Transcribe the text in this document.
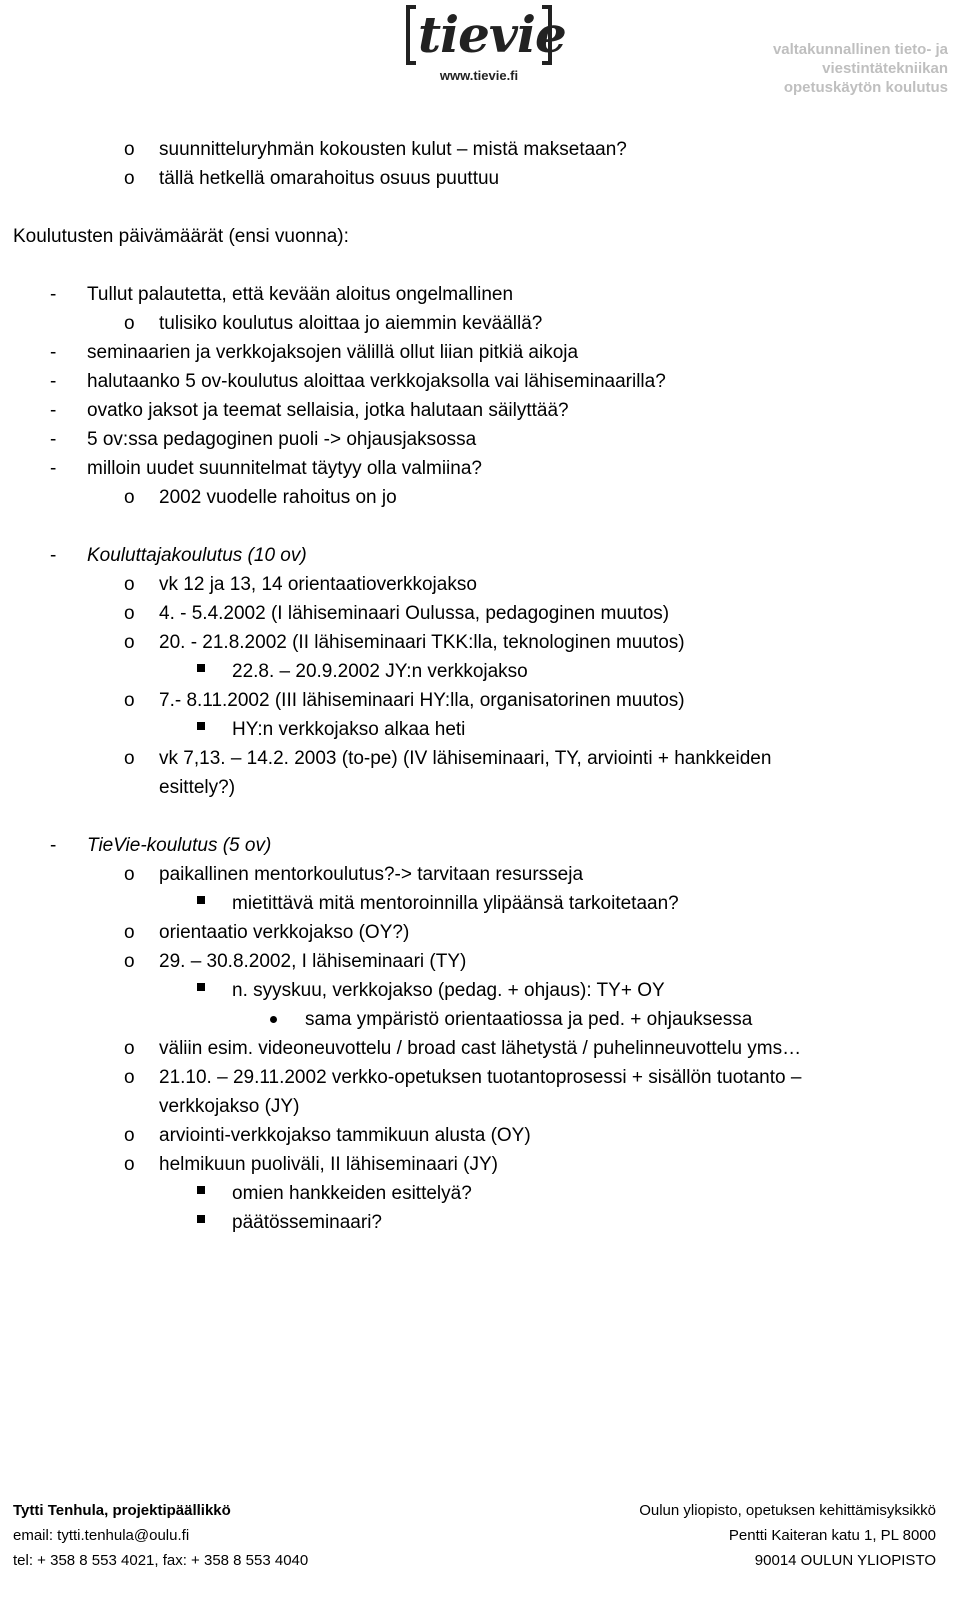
tievie
www.tievie.fi
valtakunnallinen tieto- ja
viestintätekniikan
opetuskäytön koulutus
o suunnitteluryhmän kokousten kulut – mistä maksetaan?
o tällä hetkellä omarahoitus osuus puuttuu
Koulutusten päivämäärät (ensi vuonna):
- Tullut palautetta, että kevään aloitus ongelmallinen
o tulisiko koulutus aloittaa jo aiemmin keväällä?
- seminaarien ja verkkojaksojen välillä ollut liian pitkiä aikoja
- halutaanko 5 ov-koulutus aloittaa verkkojaksolla vai lähiseminaarilla?
- ovatko jaksot ja teemat sellaisia, jotka halutaan säilyttää?
- 5 ov:ssa pedagoginen puoli -> ohjausjaksossa
- milloin uudet suunnitelmat täytyy olla valmiina?
o 2002 vuodelle rahoitus on jo
- Kouluttajakoulutus (10 ov)
o vk 12 ja 13, 14 orientaatioverkkojakso
o 4. - 5.4.2002 (I lähiseminaari Oulussa, pedagoginen muutos)
o 20. - 21.8.2002 (II lähiseminaari TKK:lla, teknologinen muutos)
22.8. – 20.9.2002 JY:n verkkojakso
o 7.- 8.11.2002 (III lähiseminaari HY:lla, organisatorinen muutos)
HY:n verkkojakso alkaa heti
o vk 7,13. – 14.2. 2003 (to-pe) (IV lähiseminaari, TY, arviointi + hankkeiden
esittely?)
- TieVie-koulutus (5 ov)
o paikallinen mentorkoulutus?-> tarvitaan resursseja
mietittävä mitä mentoroinnilla ylipäänsä tarkoitetaan?
o orientaatio verkkojakso (OY?)
o 29. – 30.8.2002, I lähiseminaari (TY)
n. syyskuu, verkkojakso (pedag. + ohjaus): TY+ OY
sama ympäristö orientaatiossa ja ped. + ohjauksessa
o väliin esim. videoneuvottelu / broad cast lähetystä / puhelinneuvottelu yms…
o 21.10. – 29.11.2002 verkko-opetuksen tuotantoprosessi + sisällön tuotanto –
verkkojakso (JY)
o arviointi-verkkojakso tammikuun alusta (OY)
o helmikuun puoliväli, II lähiseminaari (JY)
omien hankkeiden esittelyä?
päätösseminaari?
Tytti Tenhula, projektipäällikkö
email: tytti.tenhula@oulu.fi
tel: + 358 8 553 4021, fax: + 358 8 553 4040
Oulun yliopisto, opetuksen kehittämisyksikkö
Pentti Kaiteran katu 1, PL 8000
90014 OULUN YLIOPISTO
